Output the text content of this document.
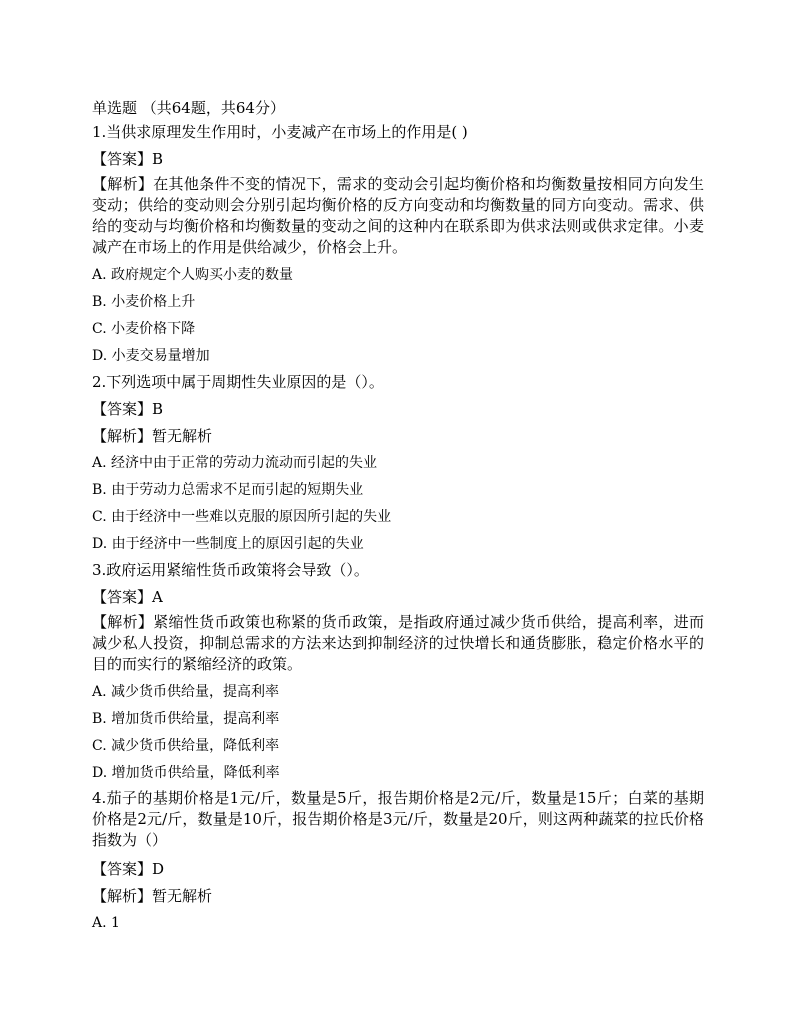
单选题 （共64题，共64分）
1.当供求原理发生作用时，小麦减产在市场上的作用是( )
【答案】B
【解析】在其他条件不变的情况下，需求的变动会引起均衡价格和均衡数量按相同方向发生变动；供给的变动则会分别引起均衡价格的反方向变动和均衡数量的同方向变动。需求、供给的变动与均衡价格和均衡数量的变动之间的这种内在联系即为供求法则或供求定律。小麦减产在市场上的作用是供给减少，价格会上升。
A. 政府规定个人购买小麦的数量
B. 小麦价格上升
C. 小麦价格下降
D. 小麦交易量增加
2.下列选项中属于周期性失业原因的是（）。
【答案】B
【解析】暂无解析
A. 经济中由于正常的劳动力流动而引起的失业
B. 由于劳动力总需求不足而引起的短期失业
C. 由于经济中一些难以克服的原因所引起的失业
D. 由于经济中一些制度上的原因引起的失业
3.政府运用紧缩性货币政策将会导致（）。
【答案】A
【解析】紧缩性货币政策也称紧的货币政策，是指政府通过减少货币供给，提高利率，进而减少私人投资，抑制总需求的方法来达到抑制经济的过快增长和通货膨胀，稳定价格水平的目的而实行的紧缩经济的政策。
A. 减少货币供给量，提高利率
B. 增加货币供给量，提高利率
C. 减少货币供给量，降低利率
D. 增加货币供给量，降低利率
4.茄子的基期价格是1元/斤，数量是5斤，报告期价格是2元/斤，数量是15斤；白菜的基期价格是2元/斤，数量是10斤，报告期价格是3元/斤，数量是20斤，则这两种蔬菜的拉氏价格指数为（）
【答案】D
【解析】暂无解析
A. 1
